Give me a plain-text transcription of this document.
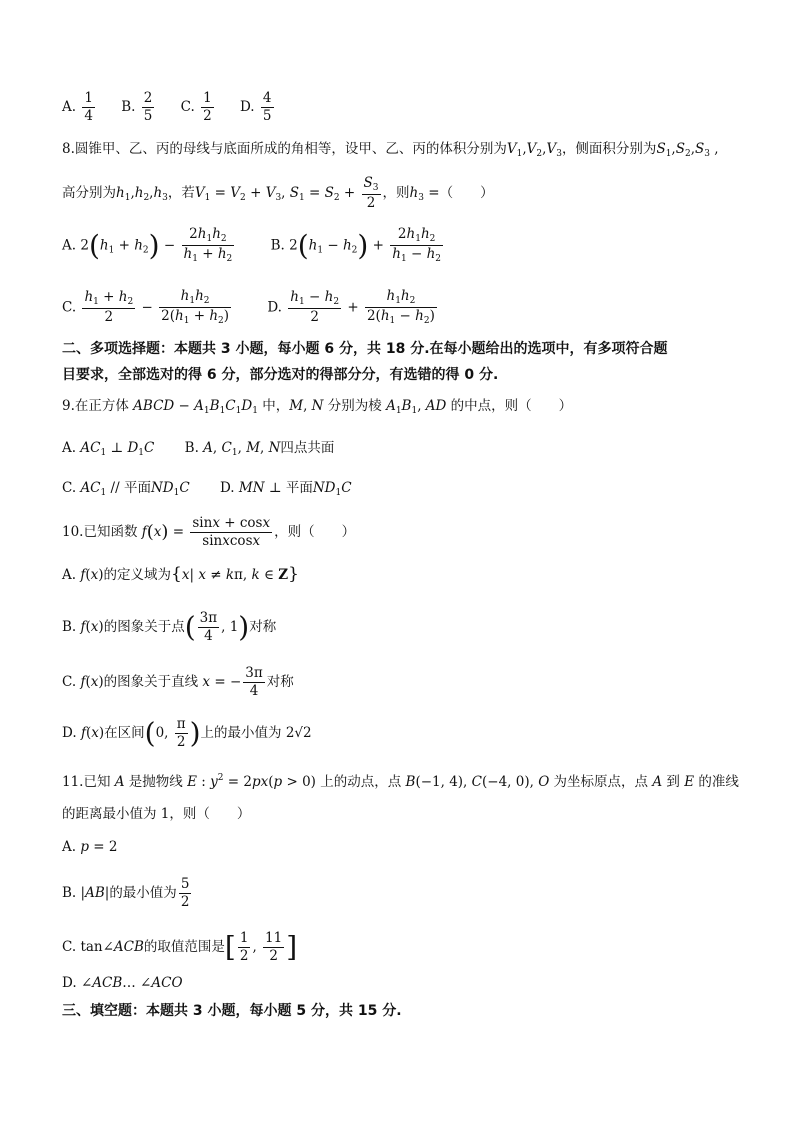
A. $\frac{1}{4} B$. $\frac{2}{5} C$. $\frac{1}{2} D$. $\frac{4}{5}$
8.圆锥甲、乙、丙的母线与底面所成的角相等，设甲、乙、丙的体积分别为$V_1,V_2,V_3$，侧面积分别为$S_1,S_2,S_3$ ,
高分别为$h_1,h_2,h_3$，若$V_1 = V_2 + V_3$, $S_1 = S_2 + \frac{S_3}{2}$ ，则$h_3$ =（　　）
A. $2(h_1 + h_2) - \frac{2h_1h_2}{h_1 + h_2}$	B. $2(h_1 - h_2) + \frac{2h_1h_2}{h_1 - h_2}$
C. $\frac{h_1 + h_2}{2} - \frac{h_1h_2}{2(h_1 + h_2)}$	D. $\frac{h_1 - h_2}{2} + \frac{h_1h_2}{2(h_1 - h_2)}$
二、多项选择题：本题共 3 小题，每小题 6 分，共 18 分.在每小题给出的选项中，有多项符合题
目要求，全部选对的得 6 分，部分选对的得部分分，有选错的得 0 分.
9.在正方体 ABCD − $A_1B_1C_1D_1$ 中，M, N 分别为棱 $A_1B_1$, AD 的中点，则（　　）
A. $AC_1$ ⊥ $D_1C$ B. A, $C_1$, M, N四点共面
C. $AC_1$ // 平面$ND_1C$ D. MN ⊥ 平面$ND_1C$
10.已知函数 $f(x) = \frac{\sin x + \cos x}{\text{sinxcosx}}$ ，则（　　）
A. f(x)的定义域为{x| x ≠ kπ, k ∈ Z}
B. f(x)的图象关于点( $\frac{3\pi}{4}$ , 1)对称
C. f(x)的图象关于直线 x = − $\frac{3\pi}{4}$ 对称
D. f(x)在区间(0, $\frac{\pi}{2}$ )上的最小值为 2√2
11.已知 A 是抛物线 E : $y^2 = 2px(p > 0)$ 上的动点，点 B(−1, 4), C(−4, 0), O 为坐标原点，点 A 到 E 的准线
的距离最小值为 1，则（　　）
A. p = 2
B. |AB|的最小值为 $\frac{5}{2}$
C. tan∠ACB的取值范围是[ $\frac{1}{2}$ , $\frac{11}{2}$ ]
D. ∠ACB… ∠ACO
三、填空题：本题共 3 小题，每小题 5 分，共 15 分.
